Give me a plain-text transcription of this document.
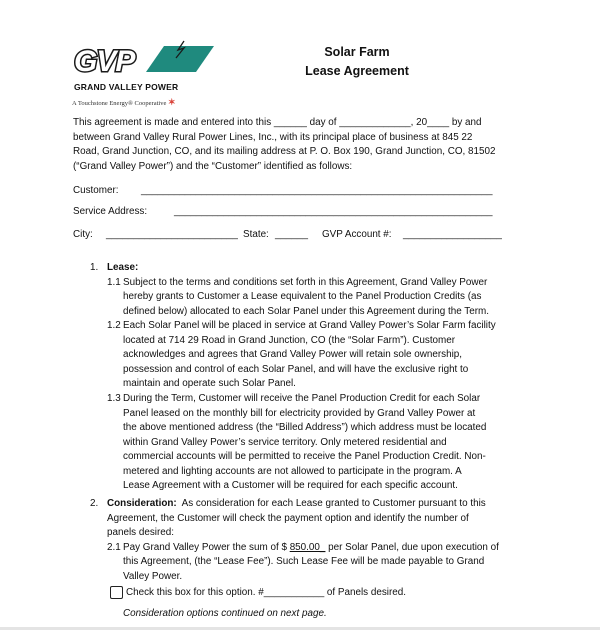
GVP
GRAND VALLEY POWER
A Touchstone Energy® Cooperative ✶
Solar Farm
Lease Agreement
This agreement is made and entered into this ______ day of _____________, 20____ by and
between Grand Valley Rural Power Lines, Inc., with its principal place of business at 845 22
Road, Grand Junction, CO, and its mailing address at P. O. Box 190, Grand Junction, CO, 81502
(“Grand Valley Power”) and the “Customer” identified as follows:
Customer: ________________________________________________________________
Service Address:	__________________________________________________________
City: ________________________ State: ______ GVP Account #: __________________
1. Lease:
1.1 Subject to the terms and conditions set forth in this Agreement, Grand Valley Power
hereby grants to Customer a Lease equivalent to the Panel Production Credits (as
defined below) allocated to each Solar Panel under this Agreement during the Term.
1.2 Each Solar Panel will be placed in service at Grand Valley Power’s Solar Farm facility
located at 714 29 Road in Grand Junction, CO (the “Solar Farm”). Customer
acknowledges and agrees that Grand Valley Power will retain sole ownership,
possession and control of each Solar Panel, and will have the exclusive right to
maintain and operate such Solar Panel.
1.3 During the Term, Customer will receive the Panel Production Credit for each Solar
Panel leased on the monthly bill for electricity provided by Grand Valley Power at
the above mentioned address (the “Billed Address”) which address must be located
within Grand Valley Power’s service territory. Only metered residential and
commercial accounts will be permitted to receive the Panel Production Credit. Non-
metered and lighting accounts are not allowed to participate in the program. A
Lease Agreement with a Customer will be required for each specific account.
2. Consideration: As consideration for each Lease granted to Customer pursuant to this
Agreement, the Customer will check the payment option and identify the number of
panels desired:
2.1 Pay Grand Valley Power the sum of $ 850.00_ per Solar Panel, due upon execution of
this Agreement, (the “Lease Fee”). Such Lease Fee will be made payable to Grand
Valley Power.
Check this box for this option. #___________ of Panels desired.
Consideration options continued on next page.
